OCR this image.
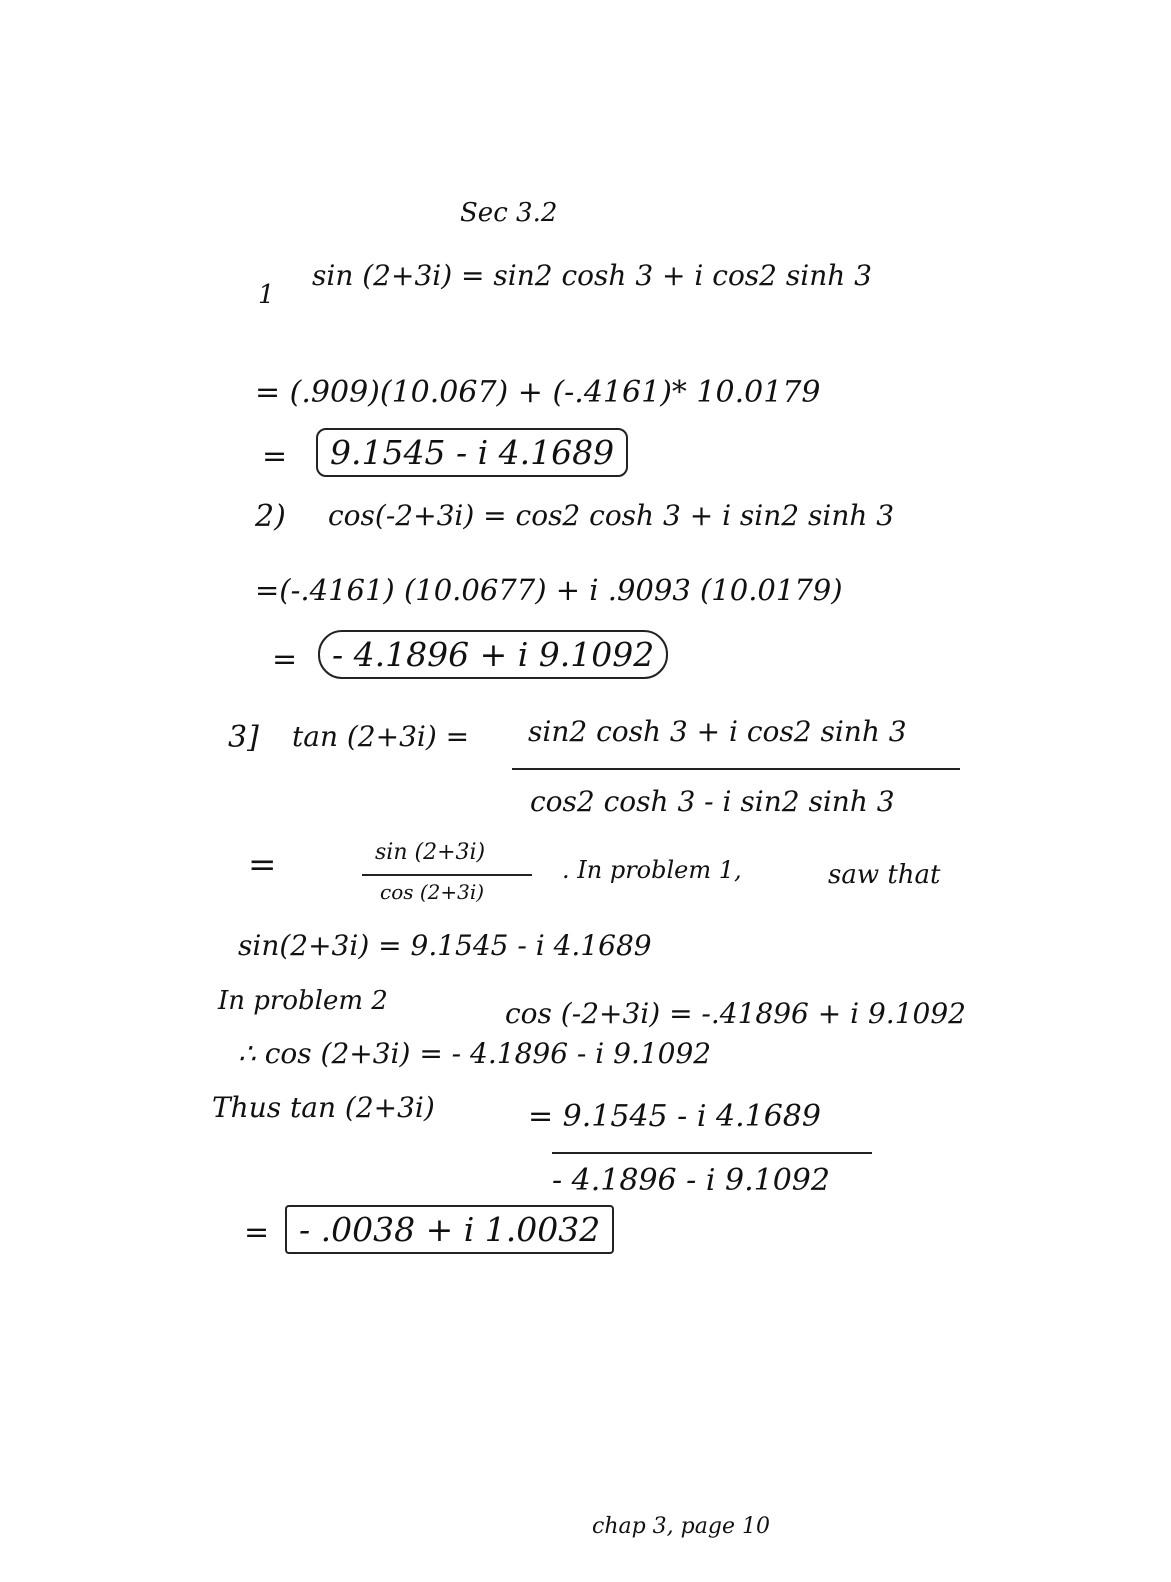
Sec 3.2
1
sin (2+3i) = sin2 cosh 3 + i cos2 sinh 3
= (.909)(10.067) + (-.4161)* 10.0179
=	9.1545 - i 4.1689
2) cos(-2+3i) = cos2 cosh 3 + i sin2 sinh 3
=(-.4161) (10.0677) + i .9093 (10.0179)
=	- 4.1896 + i 9.1092
3] tan (2+3i) = sin2 cosh 3 + i cos2 sinh 3
cos2 cosh 3 - i sin2 sinh 3
=	sin (2+3i)
cos (2+3i)
. In problem 1,	saw that
sin(2+3i) = 9.1545 - i 4.1689
In problem 2	cos (-2+3i) = -.41896 + i 9.1092
∴ cos (2+3i) = - 4.1896 - i 9.1092
Thus tan (2+3i)	= 9.1545 - i 4.1689
- 4.1896 - i 9.1092
= - .0038 + i 1.0032
chap 3, page 10
